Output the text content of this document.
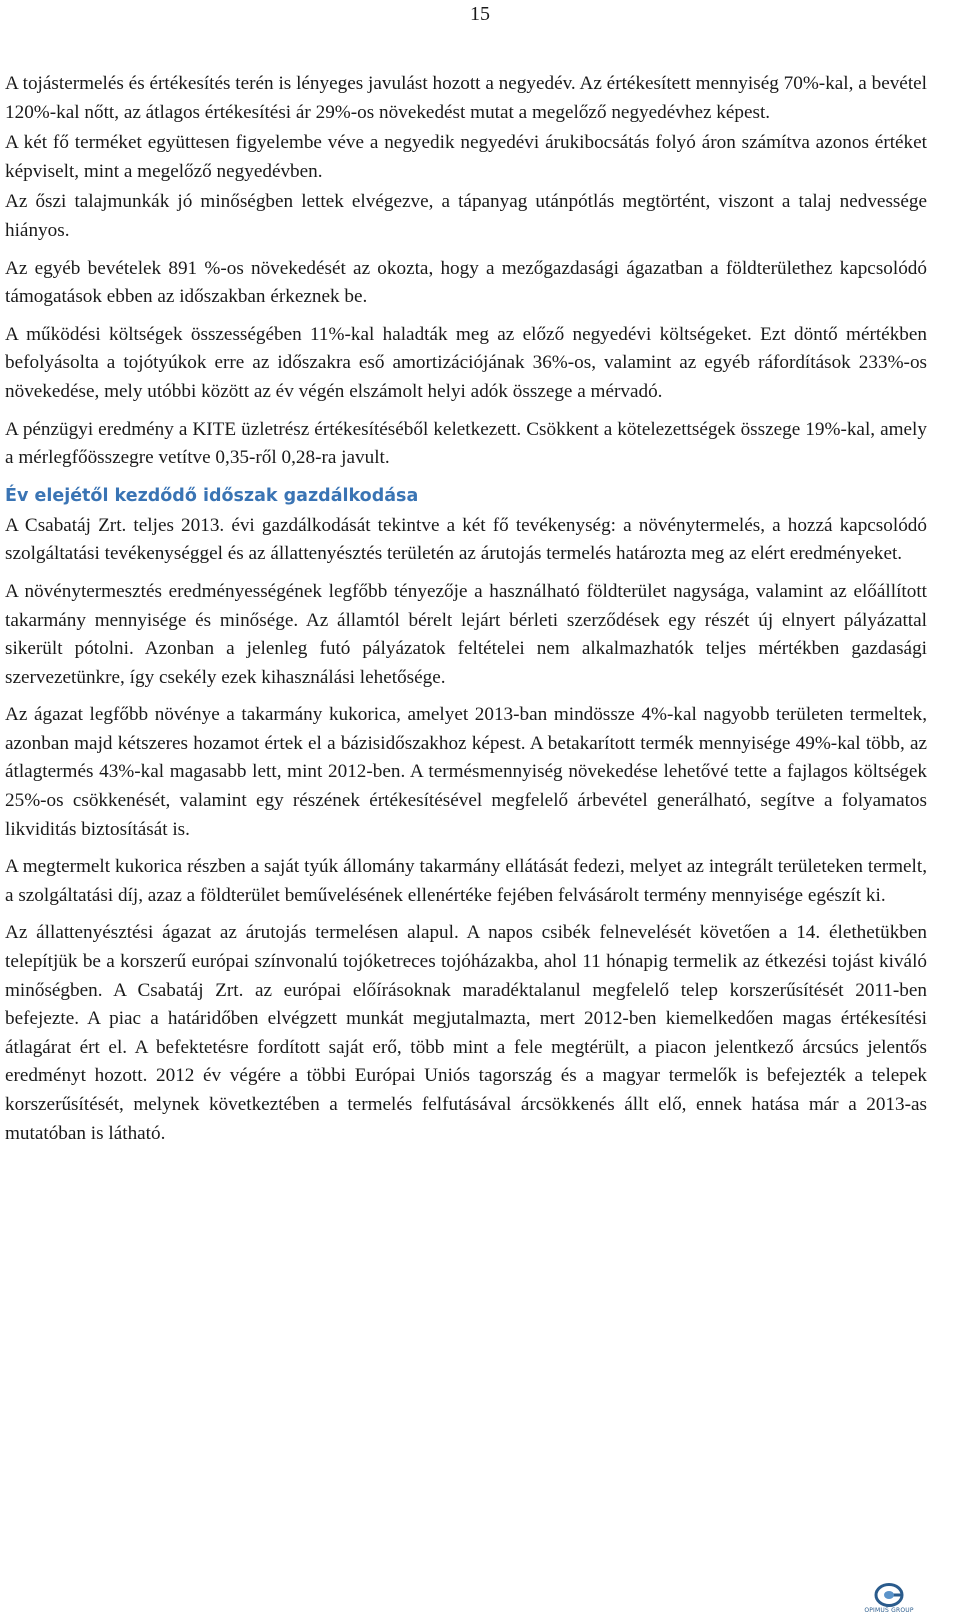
15

A tojástermelés és értékesítés terén is lényeges javulást hozott a negyedév. Az értékesített mennyiség 70%-kal, a bevétel 120%-kal nőtt, az átlagos értékesítési ár 29%-os növekedést mutat a megelőző negyedévhez képest.

A két fő terméket együttesen figyelembe véve a negyedik negyedévi árukibocsátás folyó áron számítva azonos értéket képviselt, mint a megelőző negyedévben.

Az őszi talajmunkák jó minőségben lettek elvégezve, a tápanyag utánpótlás megtörtént, viszont a talaj nedvessége hiányos.

Az egyéb bevételek 891 %-os növekedését az okozta, hogy a mezőgazdasági ágazatban a földterülethez kapcsolódó támogatások ebben az időszakban érkeznek be.

A működési költségek összességében 11%-kal haladták meg az előző negyedévi költségeket. Ezt döntő mértékben befolyásolta a tojótyúkok erre az időszakra eső amortizációjának 36%-os, valamint az egyéb ráfordítások 233%-os növekedése, mely utóbbi között az év végén elszámolt helyi adók összege a mérvadó.

A pénzügyi eredmény a KITE üzletrész értékesítéséből keletkezett. Csökkent a kötelezettségek összege 19%-kal, amely a mérlegfőösszegre vetítve 0,35-ről 0,28-ra javult.

Év elejétől kezdődő időszak gazdálkodása

A Csabatáj Zrt. teljes 2013. évi gazdálkodását tekintve a két fő tevékenység: a növénytermelés, a hozzá kapcsolódó szolgáltatási tevékenységgel és az állattenyésztés területén az árutojás termelés határozta meg az elért eredményeket.

A növénytermesztés eredményességének legfőbb tényezője a használható földterület nagysága, valamint az előállított takarmány mennyisége és minősége. Az államtól bérelt lejárt bérleti szerződések egy részét új elnyert pályázattal sikerült pótolni. Azonban a jelenleg futó pályázatok feltételei nem alkalmazhatók teljes mértékben gazdasági szervezetünkre, így csekély ezek kihasználási lehetősége.

Az ágazat legfőbb növénye a takarmány kukorica, amelyet 2013-ban mindössze 4%-kal nagyobb területen termeltek, azonban majd kétszeres hozamot értek el a bázisidőszakhoz képest. A betakarított termék mennyisége 49%-kal több, az átlagtermés 43%-kal magasabb lett, mint 2012-ben. A termésmennyiség növekedése lehetővé tette a fajlagos költségek 25%-os csökkenését, valamint egy részének értékesítésével megfelelő árbevétel generálható, segítve a folyamatos likviditás biztosítását is.

A megtermelt kukorica részben a saját tyúk állomány takarmány ellátását fedezi, melyet az integrált területeken termelt, a szolgáltatási díj, azaz a földterület beművelésének ellenértéke fejében felvásárolt termény mennyisége egészít ki.

Az állattenyésztési ágazat az árutojás termelésen alapul. A napos csibék felnevelését követően a 14. élethetükben telepítjük be a korszerű európai színvonalú tojóketreces tojóházakba, ahol 11 hónapig termelik az étkezési tojást kiváló minőségben. A Csabatáj Zrt. az európai előírásoknak maradéktalanul megfelelő telep korszerűsítését 2011-ben befejezte. A piac a határidőben elvégzett munkát megjutalmazta, mert 2012-ben kiemelkedően magas értékesítési átlagárat ért el. A befektetésre fordított saját erő, több mint a fele megtérült, a piacon jelentkező árcsúcs jelentős eredményt hozott. 2012 év végére a többi Európai Uniós tagország és a magyar termelők is befejezték a telepek korszerűsítését, melynek következtében a termelés felfutásával árcsökkenés állt elő, ennek hatása már a 2013-as mutatóban is látható.

OPIMUS GROUP
